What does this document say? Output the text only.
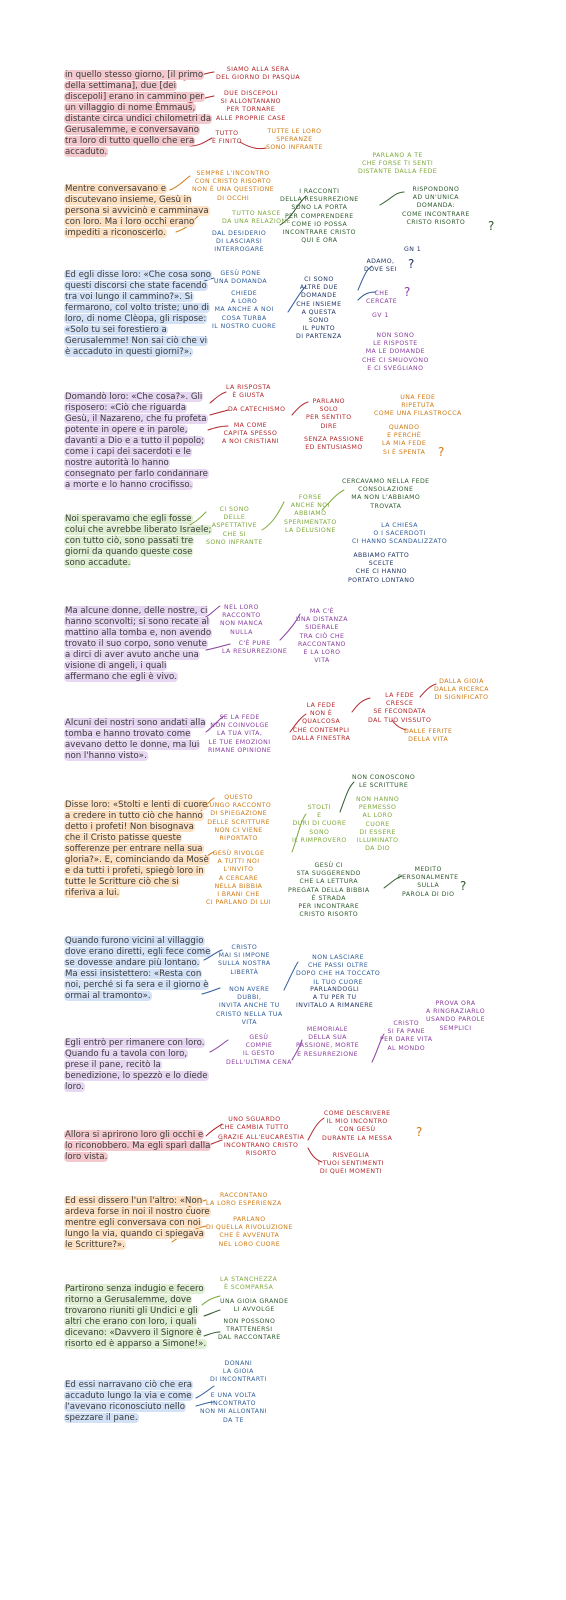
in quello stesso giorno, [il primo della settimana], due [dei discepoli] erano in cammino per un villaggio di nome Èmmaus, distante circa undici chilometri da Gerusalemme, e conversavano tra loro di tutto quello che era accaduto.

Mentre conversavano e discutevano insieme, Gesù in persona si avvicinò e camminava con loro. Ma i loro occhi erano impediti a riconoscerlo.

Ed egli disse loro: «Che cosa sono questi discorsi che state facendo tra voi lungo il cammino?». Si fermarono, col volto triste; uno di loro, di nome Clèopa, gli rispose: «Solo tu sei forestiero a Gerusalemme! Non sai ciò che vi è accaduto in questi giorni?».

Domandò loro: «Che cosa?». Gli risposero: «Ciò che riguarda Gesù, il Nazareno, che fu profeta potente in opere e in parole, davanti a Dio e a tutto il popolo; come i capi dei sacerdoti e le nostre autorità lo hanno consegnato per farlo condannare a morte e lo hanno crocifisso.

Noi speravamo che egli fosse colui che avrebbe liberato Israele; con tutto ciò, sono passati tre giorni da quando queste cose sono accadute.

Ma alcune donne, delle nostre, ci hanno sconvolti; si sono recate al mattino alla tomba e, non avendo trovato il suo corpo, sono venute a dirci di aver avuto anche una visione di angeli, i quali affermano che egli è vivo.

Alcuni dei nostri sono andati alla tomba e hanno trovato come avevano detto le donne, ma lui non l'hanno visto».

Disse loro: «Stolti e lenti di cuore a credere in tutto ciò che hanno detto i profeti! Non bisognava che il Cristo patisse queste sofferenze per entrare nella sua gloria?». E, cominciando da Mosè e da tutti i profeti, spiegò loro in tutte le Scritture ciò che si riferiva a lui.

Quando furono vicini al villaggio dove erano diretti, egli fece come se dovesse andare più lontano. Ma essi insistettero: «Resta con noi, perché si fa sera e il giorno è ormai al tramonto».

Egli entrò per rimanere con loro. Quando fu a tavola con loro, prese il pane, recitò la benedizione, lo spezzò e lo diede loro.

Allora si aprirono loro gli occhi e lo riconobbero. Ma egli sparì dalla loro vista.

Ed essi dissero l'un l'altro: «Non ardeva forse in noi il nostro cuore mentre egli conversava con noi lungo la via, quando ci spiegava le Scritture?».

Partirono senza indugio e fecero ritorno a Gerusalemme, dove trovarono riuniti gli Undici e gli altri che erano con loro, i quali dicevano: «Davvero il Signore è risorto ed è apparso a Simone!».

Ed essi narravano ciò che era accaduto lungo la via e come l'avevano riconosciuto nello spezzare il pane.

SIAMO ALLA SERA
DEL GIORNO DI PASQUA

DUE DISCEPOLI
SI ALLONTANANO
PER TORNARE
ALLE PROPRIE CASE

TUTTO
È FINITO

TUTTE LE LORO
SPERANZE
SONO INFRANTE

SEMPRE L'INCONTRO
CON CRISTO RISORTO
NON È UNA QUESTIONE
DI OCCHI

TUTTO NASCE
DA UNA RELAZIONE

DAL DESIDERIO
DI LASCIARSI
INTERROGARE

I RACCONTI
DELLA RESURREZIONE
SONO LA PORTA
PER COMPRENDERE
COME IO POSSA
INCONTRARE CRISTO
QUI E ORA

PARLANO A TE
CHE FORSE TI SENTI
DISTANTE DALLA FEDE

RISPONDONO
AD UN'UNICA
DOMANDA:
COME INCONTRARE
CRISTO RISORTO	?

GESÙ PONE
UNA DOMANDA

CHIEDE
A LORO
MA ANCHE A NOI
COSA TURBA
IL NOSTRO CUORE

CI SONO
ALTRE DUE
DOMANDE
CHE INSIEME
A QUESTA
SONO
IL PUNTO
DI PARTENZA

ADAMO,
DOVE SEI

GN 1

?

CHE
CERCATE

?

GV 1

NON SONO
LE RISPOSTE
MA LE DOMANDE
CHE CI SMUOVONO
E CI SVEGLIANO

LA RISPOSTA
È GIUSTA

DA CATECHISMO

MA COME
CAPITA SPESSO
A NOI CRISTIANI

PARLANO
SOLO
PER SENTITO
DIRE

SENZA PASSIONE
ED ENTUSIASMO

UNA FEDE
RIPETUTA
COME UNA FILASTROCCA

QUANDO
E PERCHÉ
LA MIA FEDE
SI È SPENTA ?

CI SONO
DELLE
ASPETTATIVE
CHE SI
SONO INFRANTE

FORSE
ANCHE NOI
ABBIAMO
SPERIMENTATO
LA DELUSIONE

CERCAVAMO NELLA FEDE
CONSOLAZIONE
MA NON L'ABBIAMO
TROVATA

LA CHIESA
O I SACERDOTI
CI HANNO SCANDALIZZATO

ABBIAMO FATTO
SCELTE
CHE CI HANNO
PORTATO LONTANO

NEL LORO
RACCONTO
NON MANCA
NULLA

C'È PURE
LA RESURREZIONE

MA C'È
UNA DISTANZA
SIDERALE
TRA CIÒ CHE
RACCONTANO
E LA LORO
VITA

SE LA FEDE
NON COINVOLGE
LA TUA VITA,
LE TUE EMOZIONI
RIMANE OPINIONE

LA FEDE
NON È
QUALCOSA
CHE CONTEMPLI
DALLA FINESTRA

LA FEDE
CRESCE
SE FECONDATA
DAL TUO VISSUTO

DALLA GIOIA
DALLA RICERCA
DI SIGNIFICATO

DALLE FERITE
DELLA VITA

QUESTO
LUNGO RACCONTO
DI SPIEGAZIONE
DELLE SCRITTURE
NON CI VIENE
RIPORTATO

GESÙ RIVOLGE
A TUTTI NOI
L'INVITO
A CERCARE
NELLA BIBBIA
I BRANI CHE
CI PARLANO DI LUI

STOLTI
E
DURI DI CUORE
SONO
IL RIMPROVERO

NON CONOSCONO
LE SCRITTURE

NON HANNO
PERMESSO
AL LORO
CUORE
DI ESSERE
ILLUMINATO
DA DIO

GESÙ CI
STA SUGGERENDO
CHE LA LETTURA
PREGATA DELLA BIBBIA
È STRADA
PER INCONTRARE
CRISTO RISORTO

MEDITO
PERSONALMENTE
SULLA
PAROLA DI DIO

?

CRISTO
MAI SI IMPONE
SULLA NOSTRA
LIBERTÀ

NON AVERE
DUBBI,
INVITA ANCHE TU
CRISTO NELLA TUA
VITA

NON LASCIARE
CHE PASSI OLTRE
DOPO CHE HA TOCCATO
IL TUO CUORE

PARLANDOGLI
A TU PER TU
INVITALO A RIMANERE

GESÙ
COMPIE
IL GESTO
DELL'ULTIMA CENA

MEMORIALE
DELLA SUA
PASSIONE, MORTE
E RESURREZIONE

CRISTO
SI FA PANE
PER DARE VITA
AL MONDO

PROVA ORA
A RINGRAZIARLO
USANDO PAROLE
SEMPLICI

UNO SGUARDO
CHE CAMBIA TUTTO

GRAZIE ALL'EUCARESTIA
INCONTRANO CRISTO
RISORTO

COME DESCRIVERE
IL MIO INCONTRO
CON GESÙ
DURANTE LA MESSA ?

RISVEGLIA
I TUOI SENTIMENTI
DI QUEI MOMENTI

RACCONTANO
LA LORO ESPERIENZA

PARLANO
DI QUELLA RIVOLUZIONE
CHE È AVVENUTA
NEL LORO CUORE

LA STANCHEZZA
È SCOMPARSA

UNA GIOIA GRANDE
LI AVVOLGE

NON POSSONO
TRATTENERSI
DAL RACCONTARE

DONANI
LA GIOIA
DI INCONTRARTI

E UNA VOLTA
INCONTRATO
NON MI ALLONTANI
DA TE
